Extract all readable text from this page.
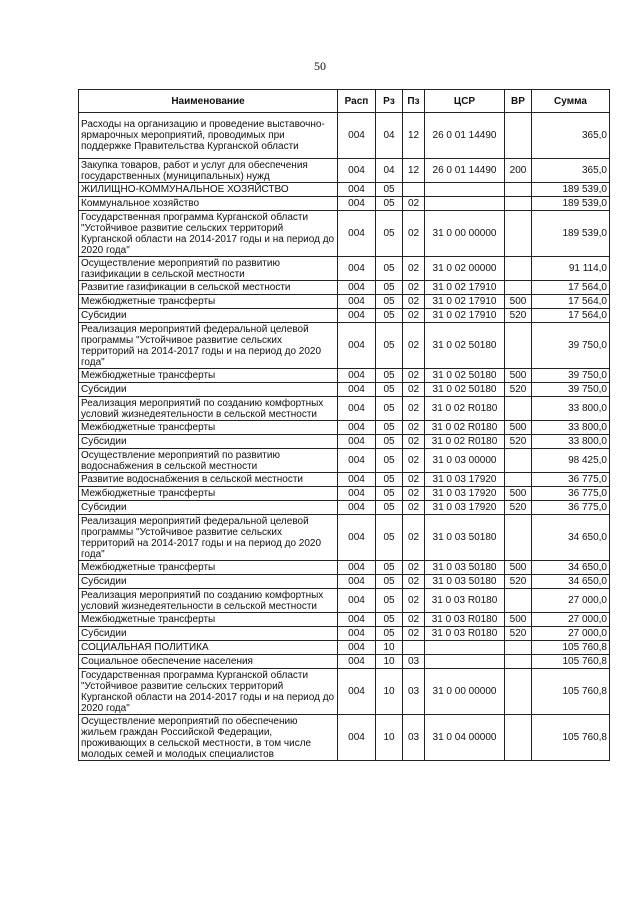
50
Наименование	Расп	Рз	Пз	ЦСР	ВР	Сумма
Расходы на организацию и проведение выставочно-ярмарочных мероприятий, проводимых при поддержке Правительства Курганской области	004	04	12	26 0 01 14490		365,0
Закупка товаров, работ и услуг для обеспечения государственных (муниципальных) нужд	004	04	12	26 0 01 14490	200	365,0
ЖИЛИЩНО-КОММУНАЛЬНОЕ ХОЗЯЙСТВО	004	05				189 539,0
Коммунальное хозяйство	004	05	02			189 539,0
Государственная программа Курганской области "Устойчивое развитие сельских территорий Курганской области на 2014-2017 годы и на период до 2020 года"	004	05	02	31 0 00 00000		189 539,0
Осуществление мероприятий по развитию газификации в сельской местности	004	05	02	31 0 02 00000		91 114,0
Развитие газификации в сельской местности	004	05	02	31 0 02 17910		17 564,0
Межбюджетные трансферты	004	05	02	31 0 02 17910	500	17 564,0
Субсидии	004	05	02	31 0 02 17910	520	17 564,0
Реализация мероприятий федеральной целевой программы "Устойчивое развитие сельских территорий на 2014-2017 годы и на период до 2020 года"	004	05	02	31 0 02 50180		39 750,0
Межбюджетные трансферты	004	05	02	31 0 02 50180	500	39 750,0
Субсидии	004	05	02	31 0 02 50180	520	39 750,0
Реализация мероприятий по созданию комфортных условий жизнедеятельности в сельской местности	004	05	02	31 0 02 R0180		33 800,0
Межбюджетные трансферты	004	05	02	31 0 02 R0180	500	33 800,0
Субсидии	004	05	02	31 0 02 R0180	520	33 800,0
Осуществление мероприятий по развитию водоснабжения в сельской местности	004	05	02	31 0 03 00000		98 425,0
Развитие водоснабжения в сельской местности	004	05	02	31 0 03 17920		36 775,0
Межбюджетные трансферты	004	05	02	31 0 03 17920	500	36 775,0
Субсидии	004	05	02	31 0 03 17920	520	36 775,0
Реализация мероприятий федеральной целевой программы "Устойчивое развитие сельских территорий на 2014-2017 годы и на период до 2020 года"	004	05	02	31 0 03 50180		34 650,0
Межбюджетные трансферты	004	05	02	31 0 03 50180	500	34 650,0
Субсидии	004	05	02	31 0 03 50180	520	34 650,0
Реализация мероприятий по созданию комфортных условий жизнедеятельности в сельской местности	004	05	02	31 0 03 R0180		27 000,0
Межбюджетные трансферты	004	05	02	31 0 03 R0180	500	27 000,0
Субсидии	004	05	02	31 0 03 R0180	520	27 000,0
СОЦИАЛЬНАЯ ПОЛИТИКА	004	10				105 760,8
Социальное обеспечение населения	004	10	03			105 760,8
Государственная программа Курганской области "Устойчивое развитие сельских территорий Курганской области на 2014-2017 годы и на период до 2020 года"	004	10	03	31 0 00 00000		105 760,8
Осуществление мероприятий по обеспечению жильем граждан Российской Федерации, проживающих в сельской местности, в том числе молодых семей и молодых специалистов	004	10	03	31 0 04 00000		105 760,8
